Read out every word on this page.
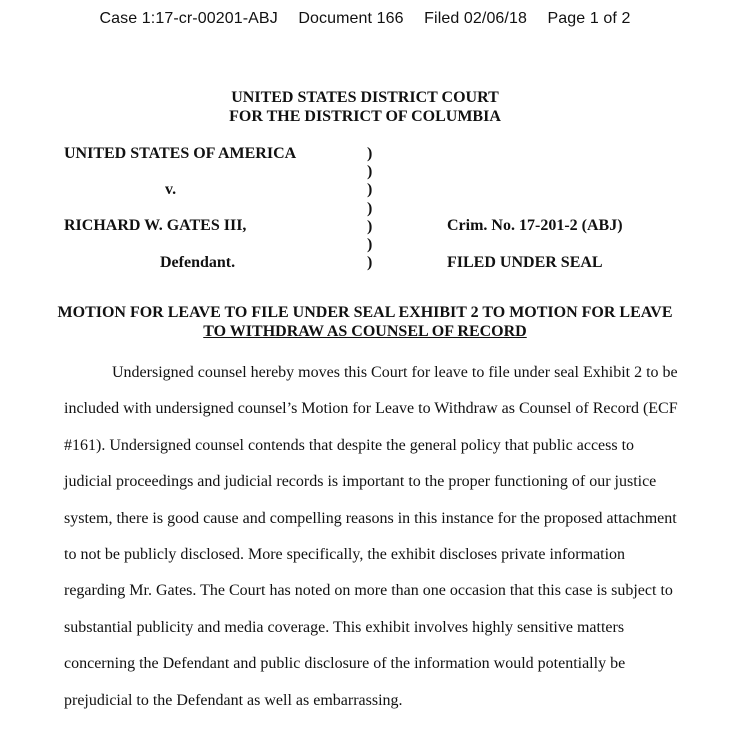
Case 1:17-cr-00201-ABJ Document 166 Filed 02/06/18 Page 1 of 2
UNITED STATES DISTRICT COURT
FOR THE DISTRICT OF COLUMBIA
UNITED STATES OF AMERICA
v.
RICHARD W. GATES III,
Defendant.
Crim. No. 17-201-2 (ABJ)
FILED UNDER SEAL
)
)
)
)
)
)
)
MOTION FOR LEAVE TO FILE UNDER SEAL EXHIBIT 2 TO MOTION FOR LEAVE
TO WITHDRAW AS COUNSEL OF RECORD
Undersigned counsel hereby moves this Court for leave to file under seal Exhibit 2 to be
included with undersigned counsel’s Motion for Leave to Withdraw as Counsel of Record (ECF
#161). Undersigned counsel contends that despite the general policy that public access to
judicial proceedings and judicial records is important to the proper functioning of our justice
system, there is good cause and compelling reasons in this instance for the proposed attachment
to not be publicly disclosed. More specifically, the exhibit discloses private information
regarding Mr. Gates. The Court has noted on more than one occasion that this case is subject to
substantial publicity and media coverage. This exhibit involves highly sensitive matters
concerning the Defendant and public disclosure of the information would potentially be
prejudicial to the Defendant as well as embarrassing.
